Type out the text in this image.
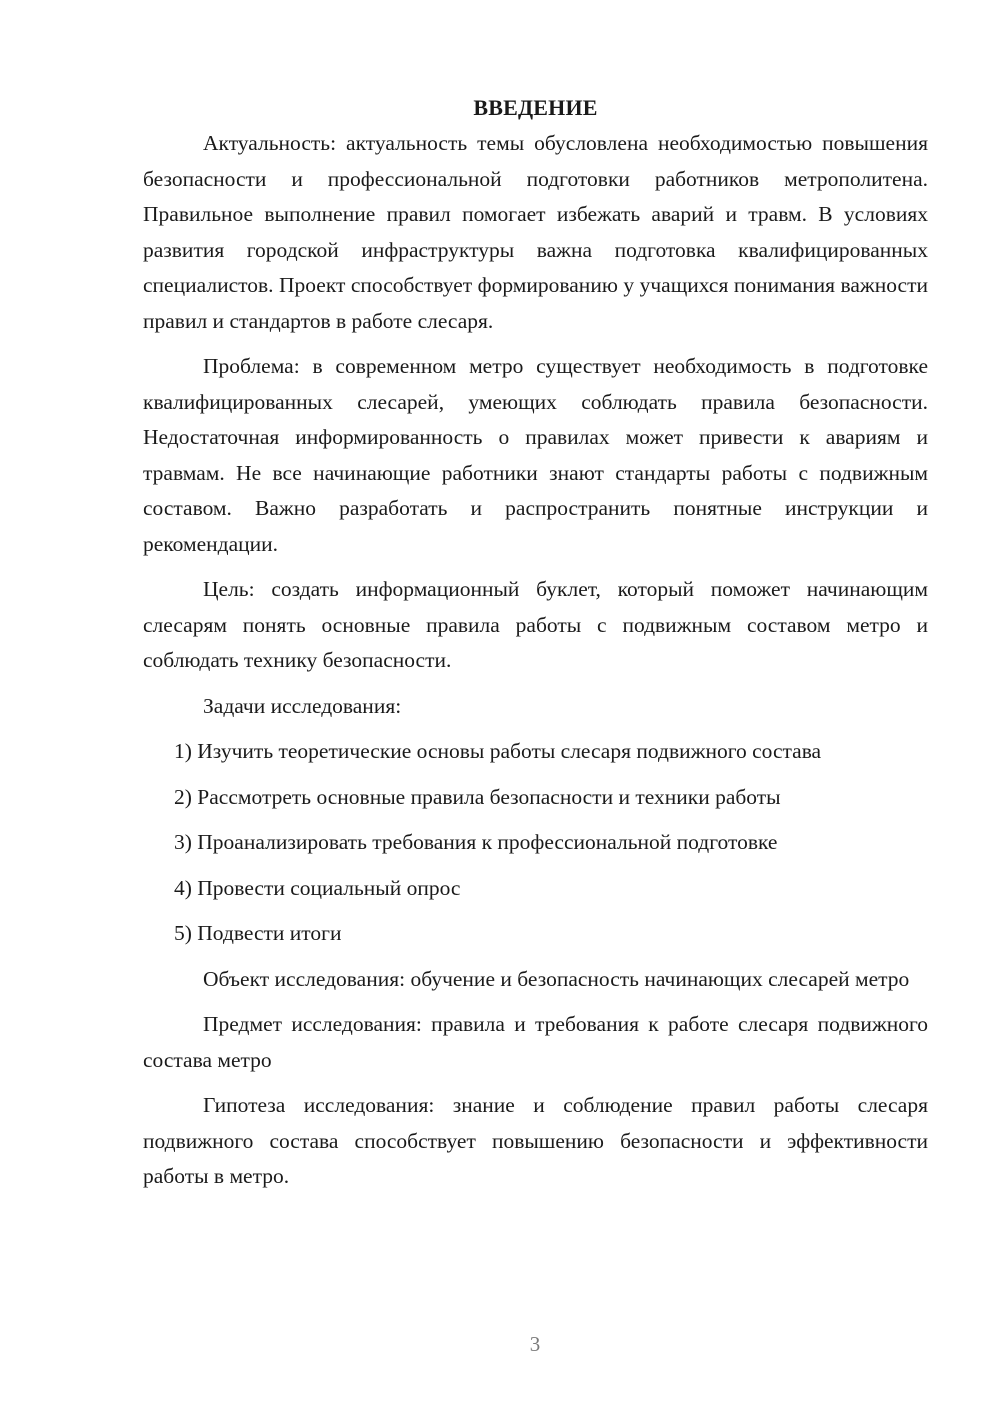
ВВЕДЕНИЕ

Актуальность: актуальность темы обусловлена необходимостью повышения безопасности и профессиональной подготовки работников метрополитена. Правильное выполнение правил помогает избежать аварий и травм. В условиях развития городской инфраструктуры важна подготовка квалифицированных специалистов. Проект способствует формированию у учащихся понимания важности правил и стандартов в работе слесаря.

Проблема: в современном метро существует необходимость в подготовке квалифицированных слесарей, умеющих соблюдать правила безопасности. Недостаточная информированность о правилах может привести к авариям и травмам. Не все начинающие работники знают стандарты работы с подвижным составом. Важно разработать и распространить понятные инструкции и рекомендации.

Цель: создать информационный буклет, который поможет начинающим слесарям понять основные правила работы с подвижным составом метро и соблюдать технику безопасности.

Задачи исследования:

1) Изучить теоретические основы работы слесаря подвижного состава
2) Рассмотреть основные правила безопасности и техники работы
3) Проанализировать требования к профессиональной подготовке
4) Провести социальный опрос
5) Подвести итоги

Объект исследования: обучение и безопасность начинающих слесарей метро

Предмет исследования: правила и требования к работе слесаря подвижного состава метро

Гипотеза исследования: знание и соблюдение правил работы слесаря подвижного состава способствует повышению безопасности и эффективности работы в метро.

3
